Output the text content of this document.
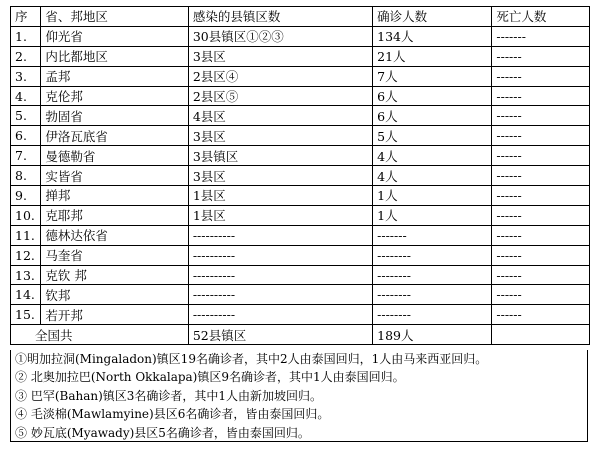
序	省、邦地区	感染的县镇区数	确诊人数	死亡人数
1.	仰光省	30县镇区①②③	134人	-------
2.	内比都地区	3县区	21人	------
3.	孟邦	2县区④	7人	------
4.	克伦邦	2县区⑤	6人	------
5.	勃固省	4县区	6人	------
6.	伊洛瓦底省	3县区	5人	------
7.	曼德勒省	3县镇区	4人	------
8.	实皆省	3县区	4人	------
9.	掸邦	1县区	1人	------
10.	克耶邦	1县区	1人	------
11.	德林达依省	----------	-------	------
12.	马奎省	----------	--------	------
13.	克钦 邦	----------	--------	------
14.	钦邦	----------	--------	------
15.	若开邦	----------	--------	------
全国共		52县镇区	189人	
①明加拉洞(Mingaladon)镇区19名确诊者，其中2人由泰国回归，1人由马来西亚回归。
② 北奥加拉巴(North Okkalapa)镇区9名确诊者，其中1人由泰国回归。
③ 巴罕(Bahan)镇区3名确诊者，其中1人由新加坡回归。
④ 毛淡棉(Mawlamyine)县区6名确诊者，皆由泰国回归。
⑤ 妙瓦底(Myawady)县区5名确诊者，皆由泰国回归。
